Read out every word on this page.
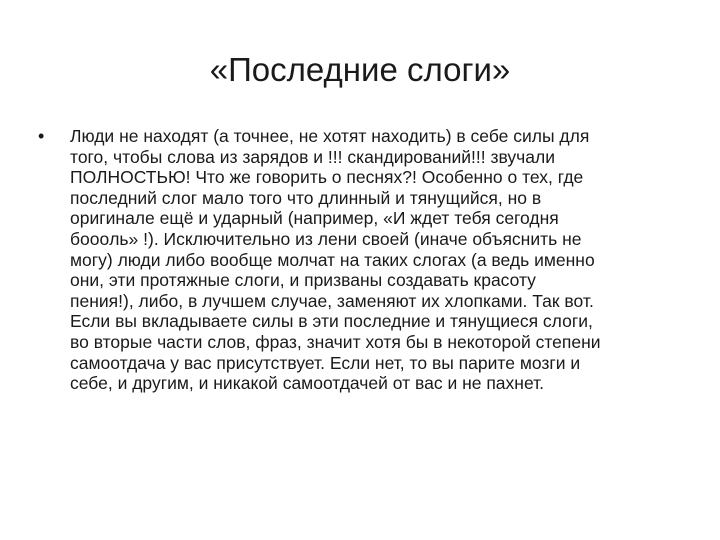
«Последние слоги»
• Люди не находят (а точнее, не хотят находить) в себе силы для
того, чтобы слова из зарядов и !!! скандирований!!! звучали
ПОЛНОСТЬЮ! Что же говорить о песнях?! Особенно о тех, где
последний слог мало того что длинный и тянущийся, но в
оригинале ещё и ударный (например, «И ждет тебя сегодня
бoooль» !). Исключительно из лени своей (иначе объяснить не
могу) люди либо вообще молчат на таких слогах (а ведь именно
они, эти протяжные слоги, и призваны создавать красоту
пения!), либо, в лучшем случае, заменяют их хлопками. Так вот.
Если вы вкладываете силы в эти последние и тянущиеся слоги,
во вторые части слов, фраз, значит хотя бы в некоторой степени
самоотдача у вас присутствует. Если нет, то вы парите мозги и
себе, и другим, и никакой самоотдачей от вас и не пахнет.
